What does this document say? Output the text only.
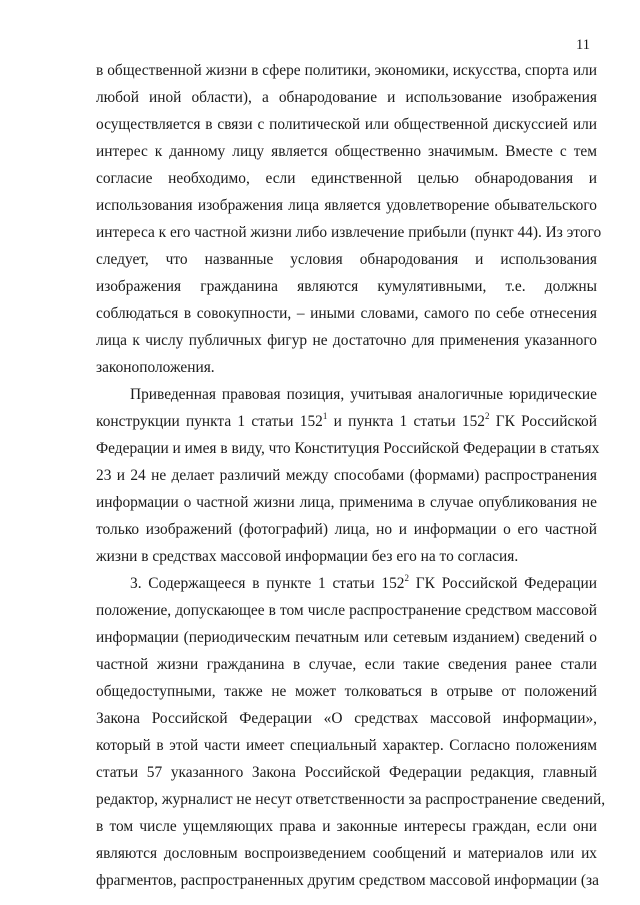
11
в общественной жизни в сфере политики, экономики, искусства, спорта или
любой иной области), а обнародование и использование изображения
осуществляется в связи с политической или общественной дискуссией или
интерес к данному лицу является общественно значимым. Вместе с тем
согласие необходимо, если единственной целью обнародования и
использования изображения лица является удовлетворение обывательского
интереса к его частной жизни либо извлечение прибыли (пункт 44). Из этого
следует, что названные условия обнародования и использования
изображения гражданина являются кумулятивными, т.е. должны
соблюдаться в совокупности, – иными словами, самого по себе отнесения
лица к числу публичных фигур не достаточно для применения указанного
законоположения.
Приведенная правовая позиция, учитывая аналогичные юридические
конструкции пункта 1 статьи $152^1$ и пункта 1 статьи $152^2$ ГК Российской
Федерации и имея в виду, что Конституция Российской Федерации в статьях
23 и 24 не делает различий между способами (формами) распространения
информации о частной жизни лица, применима в случае опубликования не
только изображений (фотографий) лица, но и информации о его частной
жизни в средствах массовой информации без его на то согласия.
3. Содержащееся в пункте 1 статьи $152^2$ ГК Российской Федерации
положение, допускающее в том числе распространение средством массовой
информации (периодическим печатным или сетевым изданием) сведений о
частной жизни гражданина в случае, если такие сведения ранее стали
общедоступными, также не может толковаться в отрыве от положений
Закона Российской Федерации «О средствах массовой информации»,
который в этой части имеет специальный характер. Согласно положениям
статьи 57 указанного Закона Российской Федерации редакция, главный
редактор, журналист не несут ответственности за распространение сведений,
в том числе ущемляющих права и законные интересы граждан, если они
являются дословным воспроизведением сообщений и материалов или их
фрагментов, распространенных другим средством массовой информации (за
